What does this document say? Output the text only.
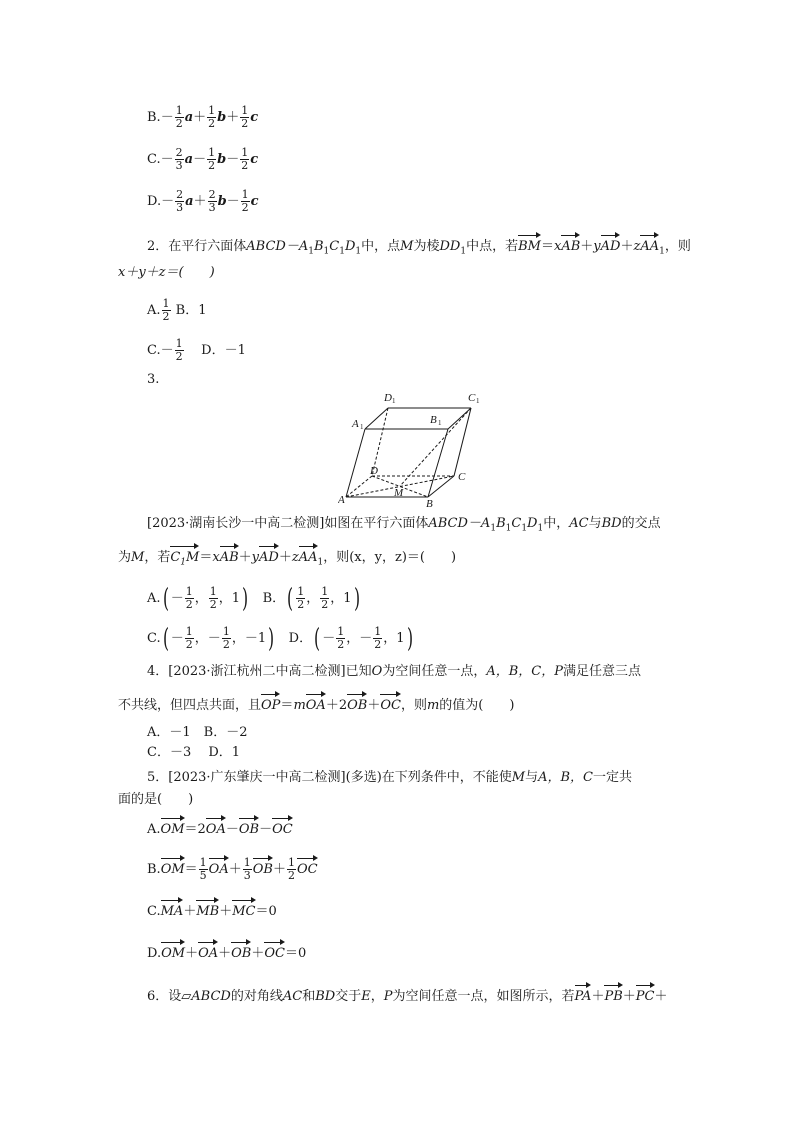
$B.- \frac{1}{2} a+ \frac{1}{2} b+ \frac{1}{2}$ c
$C.- \frac{2}{3} a- \frac{1}{2} b- \frac{1}{2}$ c
$D.- \frac{2}{3} a+ \frac{2}{3} b- \frac{1}{2}$ c
2．在平行六面体$ABCD-A_1B_1C_1D_1$中，点M为棱$DD_1$中点，若BM＝xAB＋yAD＋zAA$_1$，则
x＋y＋z＝(　　)
A. $\frac{1}{2}$ B．1
$C.- \frac{1}{2}$ D．－1
3.
D 1	C 1
A 1
B 1
D	C
M
A	B
[2023·湖南长沙一中高二检测]如图在平行六面体$ABCD-A_1B_1C_1D_1$中，AC与BD的交点
为M，若$C_1M=xAB+yAD+zAA_1$，则(x，y，z)＝(　　)
$A.( - \frac{1}{2}$ ， $\frac{1}{2}$ ，1) B．( $\frac{1}{2}$ ， $\frac{1}{2}$ ，1)
$C.( - \frac{1}{2}$ ，－ $\frac{1}{2}$ ，－1) D．( － $\frac{1}{2}$ ，－ $\frac{1}{2}$ ，1)
4．[2023·浙江杭州二中高二检测]已知O为空间任意一点，A，B，C，P满足任意三点
不共线，但四点共面，且OP＝mOA＋2OB＋OC，则m的值为(　　)
A．－1　B．－2
C．－3　 D．1
5．[2023·广东肇庆一中高二检测](多选)在下列条件中，不能使M与A，B，C一定共
面的是(　　)
A.OM＝2OA－OB－OC
$B.OM= \frac{1}{5} OA+ \frac{1}{3} OB+ \frac{1}{2}$ OC
C.MA＋MB＋MC＝0
D.OM＋OA＋OB＋OC＝0
6．设▱ABCD的对角线AC和BD交于E，P为空间任意一点，如图所示，若PA＋PB＋PC＋
